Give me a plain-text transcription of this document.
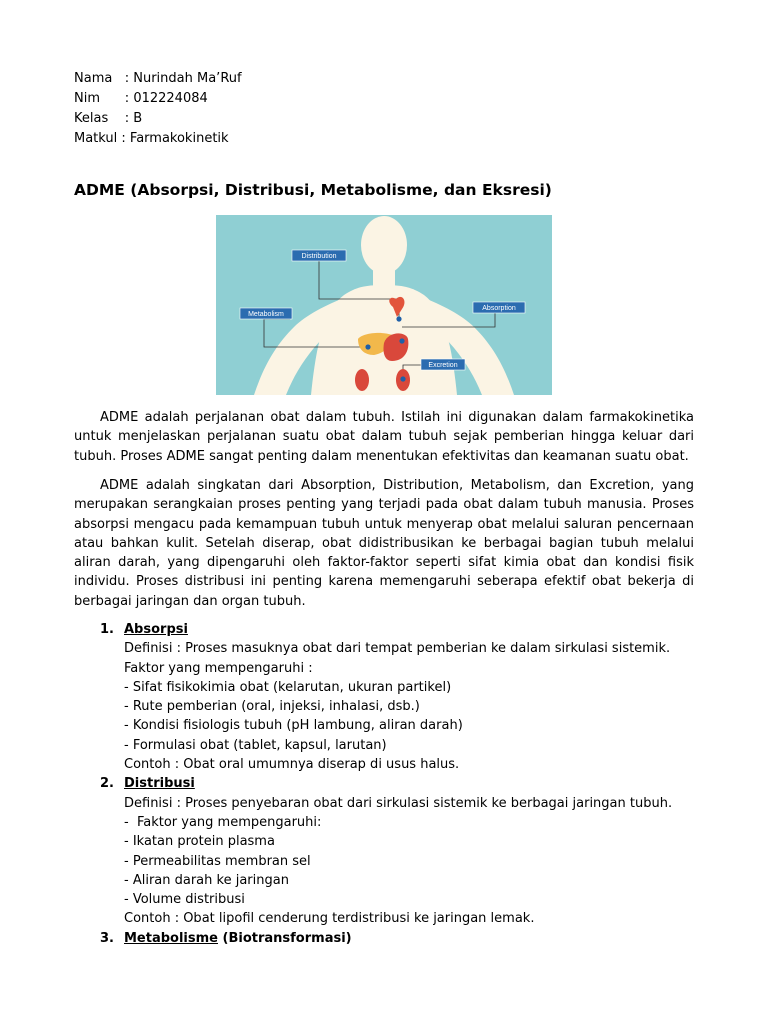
Nama : Nurindah Ma’Ruf
Nim : 012224084
Kelas : B
Matkul : Farmakokinetik
ADME (Absorpsi, Distribusi, Metabolisme, dan Eksresi)
Distribution
Metabolism
Absorption
Excretion

ADME adalah perjalanan obat dalam tubuh. Istilah ini digunakan dalam farmakokinetika untuk menjelaskan perjalanan suatu obat dalam tubuh sejak pemberian hingga keluar dari tubuh. Proses ADME sangat penting dalam menentukan efektivitas dan keamanan suatu obat.

ADME adalah singkatan dari Absorption, Distribution, Metabolism, dan Excretion, yang merupakan serangkaian proses penting yang terjadi pada obat dalam tubuh manusia. Proses absorpsi mengacu pada kemampuan tubuh untuk menyerap obat melalui saluran pencernaan atau bahkan kulit. Setelah diserap, obat didistribusikan ke berbagai bagian tubuh melalui aliran darah, yang dipengaruhi oleh faktor-faktor seperti sifat kimia obat dan kondisi fisik individu. Proses distribusi ini penting karena memengaruhi seberapa efektif obat bekerja di berbagai jaringan dan organ tubuh.

1. Absorpsi
Definisi : Proses masuknya obat dari tempat pemberian ke dalam sirkulasi sistemik.
Faktor yang mempengaruhi :
- Sifat fisikokimia obat (kelarutan, ukuran partikel)
- Rute pemberian (oral, injeksi, inhalasi, dsb.)
- Kondisi fisiologis tubuh (pH lambung, aliran darah)
- Formulasi obat (tablet, kapsul, larutan)
Contoh : Obat oral umumnya diserap di usus halus.
2. Distribusi
Definisi : Proses penyebaran obat dari sirkulasi sistemik ke berbagai jaringan tubuh.
-  Faktor yang mempengaruhi:
- Ikatan protein plasma
- Permeabilitas membran sel
- Aliran darah ke jaringan
- Volume distribusi
Contoh : Obat lipofil cenderung terdistribusi ke jaringan lemak.
3. Metabolisme (Biotransformasi)
